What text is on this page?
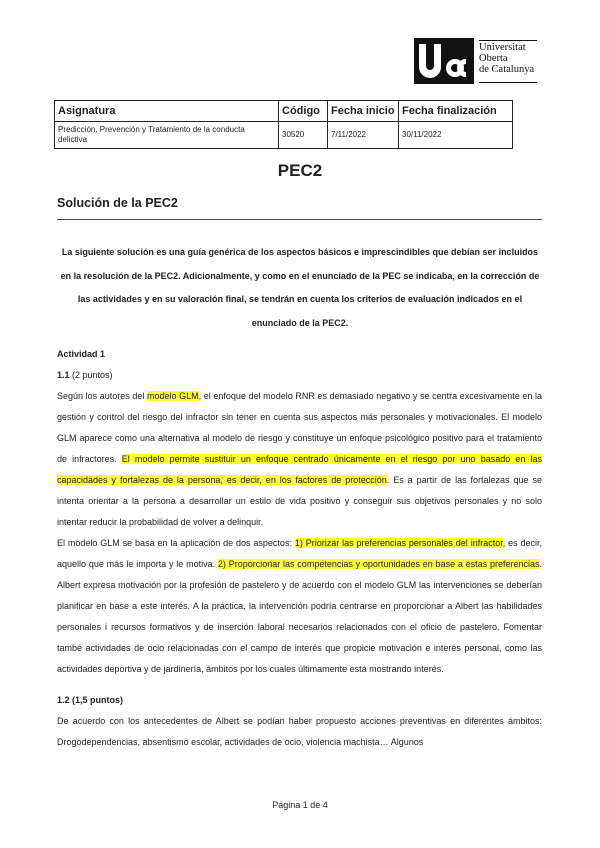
Universitat
Oberta
de Catalunya
Asignatura	Código	Fecha inicio	Fecha finalización
Predicción, Prevención y Tratamiento de la conducta delictiva	30520	7/11/2022	30/11/2022
PEC2
Solución de la PEC2
La siguiente solución es una guía genérica de los aspectos básicos e imprescindibles que debían ser incluidos en la resolución de la PEC2. Adicionalmente, y como en el enunciado de la PEC se indicaba, en la corrección de las actividades y en su valoración final, se tendrán en cuenta los criterios de evaluación indicados en el enunciado de la PEC2.
Actividad 1
1.1 (2 puntos)

Según los autores del modelo GLM, el enfoque del modelo RNR es demasiado negativo y se centra excesivamente en la gestión y control del riesgo del infractor sin tener en cuenta sus aspectos más personales y motivacionales. El modelo GLM aparece como una alternativa al modelo de riesgo y constituye un enfoque psicológico positivo para el tratamiento de infractores. El modelo permite sustituir un enfoque centrado únicamente en el riesgo por uno basado en las capacidades y fortalezas de la persona, es decir, en los factores de protección. Es a partir de las fortalezas que se intenta orientar a la persona a desarrollar un estilo de vida positivo y conseguir sus objetivos personales y no solo intentar reducir la probabilidad de volver a delinquir.

El modelo GLM se basa en la aplicación de dos aspectos: 1) Priorizar las preferencias personales del infractor, es decir, aquello que más le importa y le motiva. 2) Proporcionar las competencias y oportunidades en base a estas preferencias. Albert expresa motivación por la profesión de pastelero y de acuerdo con el modelo GLM las intervenciones se deberían planificar en base a este interés. A la práctica, la intervención podría centrarse en proporcionar a Albert las habilidades personales i recursos formativos y de inserción laboral necesarios relacionados con el oficio de pastelero. Fomentar també actividades de ocio relacionadas con el campo de interés que propicie motivación e interés personal, como las actividades deportiva y de jardinería, ámbitos por los cuales últimamente está mostrando interés.

1.2 (1,5 puntos)

De acuerdo con los antecedentes de Albert se podían haber propuesto acciones preventivas en diferentes ámbitos: Drogodependencias, absentismo escolar, actividades de ocio, violencia machista… Algunos

Página 1 de 4
